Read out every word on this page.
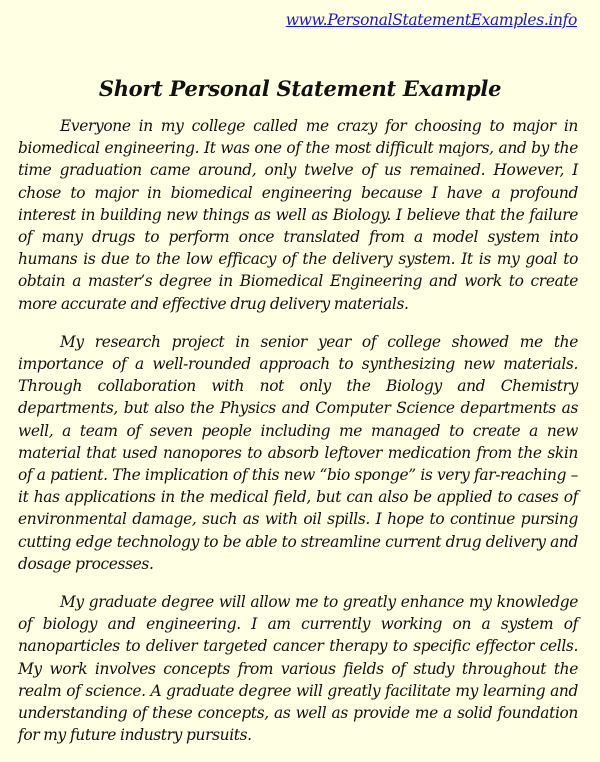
www.PersonalStatementExamples.info
Short Personal Statement Example

Everyone in my college called me crazy for choosing to major in biomedical engineering. It was one of the most difficult majors, and by the time graduation came around, only twelve of us remained. However, I chose to major in biomedical engineering because I have a profound interest in building new things as well as Biology. I believe that the failure of many drugs to perform once translated from a model system into humans is due to the low efficacy of the delivery system. It is my goal to obtain a master’s degree in Biomedical Engineering and work to create more accurate and effective drug delivery materials.

My research project in senior year of college showed me the importance of a well-rounded approach to synthesizing new materials. Through collaboration with not only the Biology and Chemistry departments, but also the Physics and Computer Science departments as well, a team of seven people including me managed to create a new material that used nanopores to absorb leftover medication from the skin of a patient. The implication of this new “bio sponge” is very far-reaching – it has applications in the medical field, but can also be applied to cases of environmental damage, such as with oil spills. I hope to continue pursing cutting edge technology to be able to streamline current drug delivery and dosage processes.

My graduate degree will allow me to greatly enhance my knowledge of biology and engineering. I am currently working on a system of nanoparticles to deliver targeted cancer therapy to specific effector cells. My work involves concepts from various fields of study throughout the realm of science. A graduate degree will greatly facilitate my learning and understanding of these concepts, as well as provide me a solid foundation for my future industry pursuits.
